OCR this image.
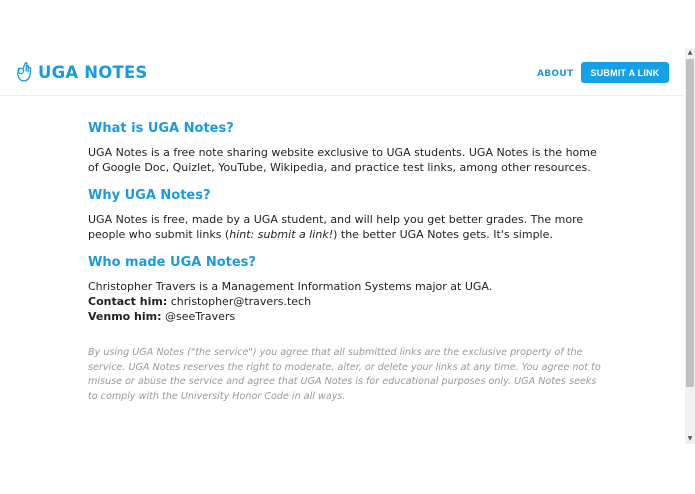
UGA NOTES	ABOUT	SUBMIT A LINK
What is UGA Notes?

UGA Notes is a free note sharing website exclusive to UGA students. UGA Notes is the home of Google Doc, Quizlet, YouTube, Wikipedia, and practice test links, among other resources.

Why UGA Notes?

UGA Notes is free, made by a UGA student, and will help you get better grades. The more people who submit links (hint: submit a link!) the better UGA Notes gets. It's simple.

Who made UGA Notes?

Christopher Travers is a Management Information Systems major at UGA.
Contact him: christopher@travers.tech
Venmo him: @seeTravers

By using UGA Notes ("the service") you agree that all submitted links are the exclusive property of the service. UGA Notes reserves the right to moderate, alter, or delete your links at any time. You agree not to misuse or abuse the service and agree that UGA Notes is for educational purposes only. UGA Notes seeks to comply with the University Honor Code in all ways.
▲
▼
